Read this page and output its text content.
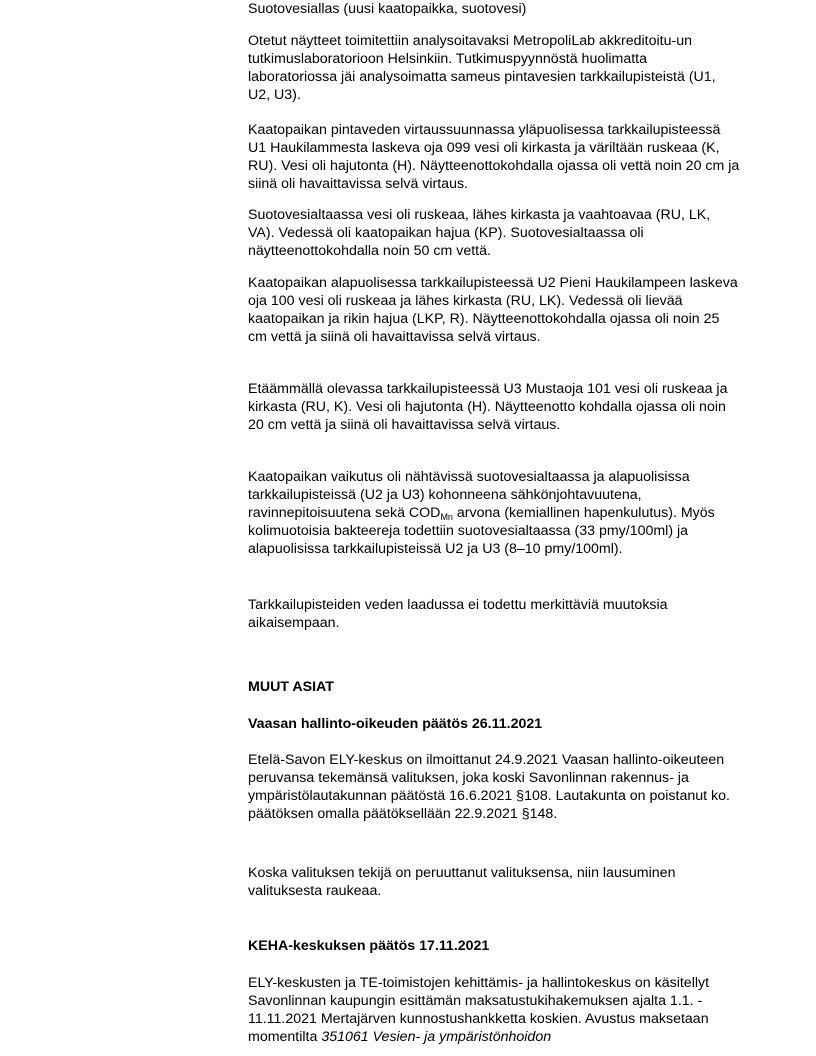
Suotovesiallas (uusi kaatopaikka, suotovesi)

Otetut näytteet toimitettiin analysoitavaksi MetropoliLab akkreditoitu-un tutkimuslaboratorioon Helsinkiin. Tutkimuspyynnöstä huolimatta laboratoriossa jäi analysoimatta sameus pintavesien tarkkailupisteistä (U1, U2, U3).

Kaatopaikan pintaveden virtaussuunnassa yläpuolisessa tarkkailupisteessä U1 Haukilammesta laskeva oja 099 vesi oli kirkasta ja väriltään ruskeaa (K, RU). Vesi oli hajutonta (H). Näytteenottokohdalla ojassa oli vettä noin 20 cm ja siinä oli havaittavissa selvä virtaus.

Suotovesialtaassa vesi oli ruskeaa, lähes kirkasta ja vaahtoavaa (RU, LK, VA). Vedessä oli kaatopaikan hajua (KP). Suotovesialtaassa oli näytteenottokohdalla noin 50 cm vettä.

Kaatopaikan alapuolisessa tarkkailupisteessä U2 Pieni Haukilampeen laskeva oja 100 vesi oli ruskeaa ja lähes kirkasta (RU, LK). Vedessä oli lievää kaatopaikan ja rikin hajua (LKP, R). Näytteenottokohdalla ojassa oli noin 25 cm vettä ja siinä oli havaittavissa selvä virtaus.

Etäämmällä olevassa tarkkailupisteessä U3 Mustaoja 101 vesi oli ruskeaa ja kirkasta (RU, K). Vesi oli hajutonta (H). Näytteenotto kohdalla ojassa oli noin 20 cm vettä ja siinä oli havaittavissa selvä virtaus.

Kaatopaikan vaikutus oli nähtävissä suotovesialtaassa ja alapuolisissa tarkkailupisteissä (U2 ja U3) kohonneena sähkönjohtavuutena, ravinnepitoisuutena sekä $COD_{Mn}$ arvona (kemiallinen hapenkulutus). Myös kolimuotoisia bakteereja todettiin suotovesialtaassa (33 pmy/100ml) ja alapuolisissa tarkkailupisteissä U2 ja U3 (8–10 pmy/100ml).

Tarkkailupisteiden veden laadussa ei todettu merkittäviä muutoksia aikaisempaan.

MUUT ASIAT
Vaasan hallinto-oikeuden päätös 26.11.2021

Etelä-Savon ELY-keskus on ilmoittanut 24.9.2021 Vaasan hallinto-oikeuteen peruvansa tekemänsä valituksen, joka koski Savonlinnan rakennus- ja ympäristölautakunnan päätöstä 16.6.2021 §108. Lautakunta on poistanut ko. päätöksen omalla päätöksellään 22.9.2021 §148.

Koska valituksen tekijä on peruuttanut valituksensa, niin lausuminen valituksesta raukeaa.

KEHA-keskuksen päätös 17.11.2021

ELY-keskusten ja TE-toimistojen kehittämis- ja hallintokeskus on käsitellyt Savonlinnan kaupungin esittämän maksatustukihakemuksen ajalta 1.1. - 11.11.2021 Mertajärven kunnostushankketta koskien. Avustus maksetaan momentilta 351061 Vesien- ja ympäristönhoidon
